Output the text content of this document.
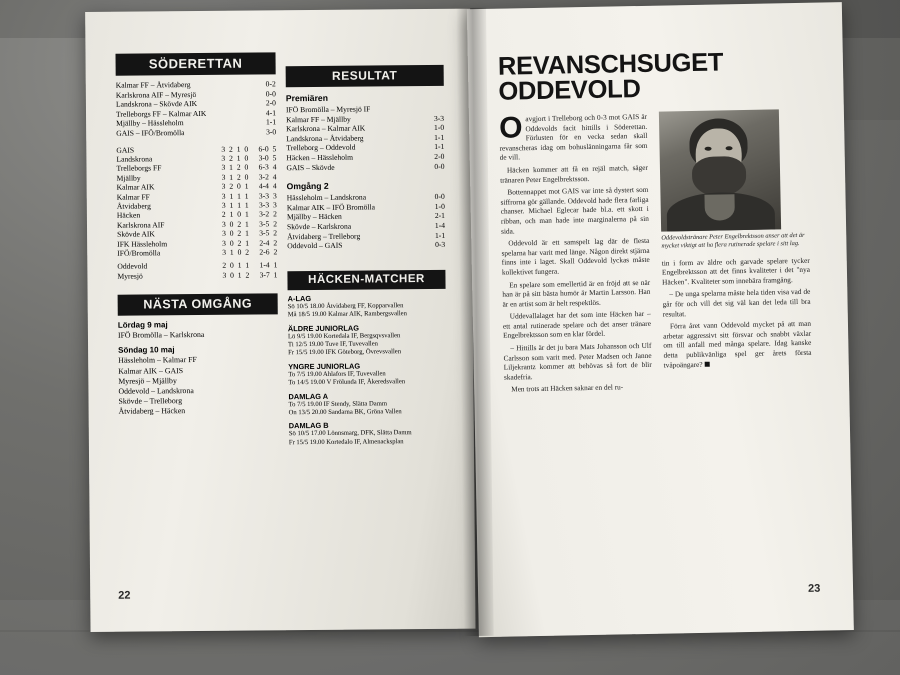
SÖDERETTAN
Kalmar FF – Åtvidaberg	0-2
Karlskrona AIF – Myresjö	0-0
Landskrona – Skövde AIK	2-0
Trelleborgs FF – Kalmar AIK	4-1
Mjällby – Hässleholm	1-1
GAIS – IFÖ/Bromölla	3-0
GAIS	3	2	1	0	6-0	5
Landskrona	3	2	1	0	3-0	5
Trelleborgs FF	3	1	2	0	6-3	4
Mjällby	3	1	2	0	3-2	4
Kalmar AIK	3	2	0	1	4-4	4
Kalmar FF	3	1	1	1	3-3	3
Åtvidaberg	3	1	1	1	3-3	3
Häcken	2	1	0	1	3-2	2
Karlskrona AIF	3	0	2	1	3-5	2
Skövde AIK	3	0	2	1	3-5	2
IFK Hässleholm	3	0	2	1	2-4	2
IFÖ/Bromölla	3	1	0	2	2-6	2

Oddevold	2	0	1	1	1-4	1
Myresjö	3	0	1	2	3-7	1
NÄSTA OMGÅNG
Lördag 9 maj
IFÖ Bromölla – Karlskrona
Söndag 10 maj
Hässleholm – Kalmar FF
Kalmar AIK – GAIS
Myresjö – Mjällby
Oddevold – Landskrona
Skövde – Trelleborg
Åtvidaberg – Häcken
RESULTAT
Premiären
IFÖ Bromölla – Myresjö IF
Kalmar FF – Mjällby	3-3
Karlskrona – Kalmar AIK	1-0
Landskrona – Åtvidaberg	1-1
Trelleborg – Oddevold	1-1
Häcken – Hässleholm	2-0
GAIS – Skövde	0-0
Omgång 2
Hässleholm – Landskrona	0-0
Kalmar AIK – IFÖ Bromölla	1-0
Mjällby – Häcken	2-1
Skövde – Karlskrona	1-4
Åtvidaberg – Trelleborg	1-1
Oddevold – GAIS	0-3
HÄCKEN-MATCHER
A-LAG
Sö 10/5 18.00 Åtvidaberg FF, Kopparvallen
Må 18/5 19.00 Kalmar AIK, Rambergsvallen
ÄLDRE JUNIORLAG
Lö 9/5 19.00 Kortedala IF, Bergsqvsvallen
Ti 12/5 19.00 Tuve IF, Tuvevallen
Fr 15/5 19.00 IFK Göteborg, Övrevsvallen
YNGRE JUNIORLAG
To 7/5 19.00 Ahlafors IF, Tuvevallen
To 14/5 19.00 V Frölunda IF, Åkeredsvallen
DAMLAG A
To 7/5 19.00 IF Stendy, Slätta Damm
On 13/5 20.00 Sandarna BK, Gröna Vallen
DAMLAG B
Sö 10/5 17.00 Lönnsmarg, DFK, Slätta Damm
Fr 15/5 19.00 Kortedalo IF, Almenacksplan
22
REVANSCHSUGET
ODDEVOLD

Oavgjort i Trelleborg och 0-3 mot GAIS är Oddevolds facit hittills i Söderettan. Förlusten för en vecka sedan skall revanscheras idag om bohuslänningarna får som de vill.

Häcken kommer att få en rejäl match, säger tränaren Peter Engelbrektsson.

Bottennappet mot GAIS var inte så dystert som siffrorna gör gällande. Oddevold hade flera farliga chanser. Michael Eglecar hade bl.a. ett skott i ribban, och man hade inte marginalerna på sin sida.

Oddevold är ett samspelt lag där de flesta spelarna har varit med länge. Någon direkt stjärna finns inte i laget. Skall Oddevold lyckas måste kollektivet fungera.

En spelare som emellertid är en fröjd att se när han är på sitt bästa humör är Martin Larsson. Han är en artist som är helt respektlös.

Uddevallalaget har det som inte Häcken har – ett antal rutinerade spelare och det anser tränare Engelbrektsson som en klar fördel.

– Hittills är det ju bara Mats Johansson och Ulf Carlsson som varit med. Peter Madsen och Janne Liljekrantz kommer att behövas så fort de blir skadefria.

Men trots att Häcken saknar en del ru-

Oddevoldstränare Peter Engelbrektsson anser att det är mycket viktigt att ha flera rutinerade spelare i sitt lag.

tin i form av äldre och garvade spelare tycker Engelbrektsson att det finns kvaliteter i det "nya Häcken". Kvaliteter som innebära framgång.

– De unga spelarna måste hela tiden visa vad de går för och vill det sig väl kan det leda till bra resultat.

Förra året vann Oddevold mycket på att man arbetar aggressivt sitt försvar och snabbt växlar om till anfall med många spelare. Idag kanske detta publikvänliga spel ger årets första tvåpoängare?

23
